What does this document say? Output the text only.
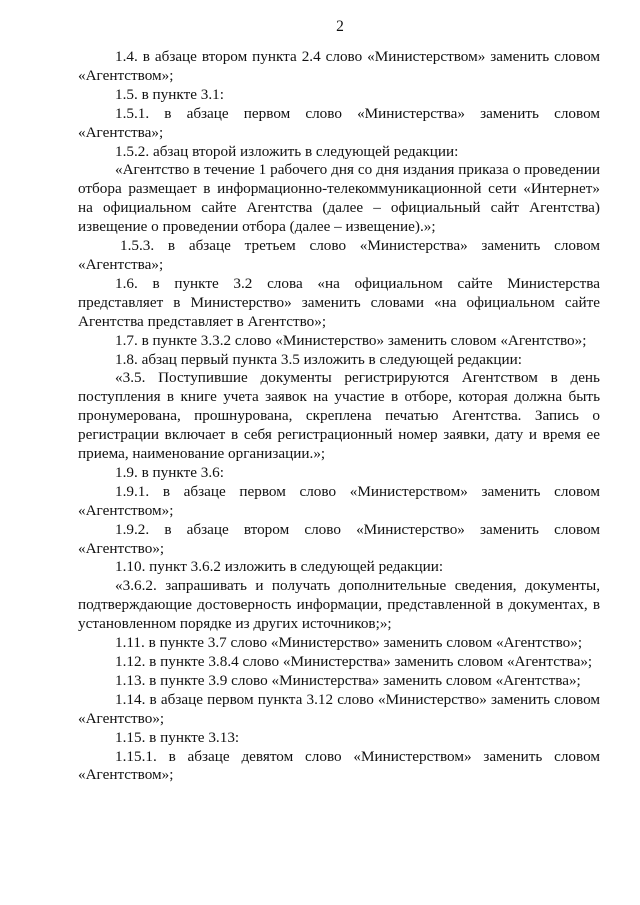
2

1.4. в абзаце втором пункта 2.4 слово «Министерством» заменить словом «Агентством»;

1.5. в пункте 3.1:

1.5.1. в абзаце первом слово «Министерства» заменить словом «Агентства»;

1.5.2. абзац второй изложить в следующей редакции:

«Агентство в течение 1 рабочего дня со дня издания приказа о проведении отбора размещает в информационно-телекоммуникационной сети «Интернет» на официальном сайте Агентства (далее – официальный сайт Агентства) извещение о проведении отбора (далее – извещение).»;

1.5.3. в абзаце третьем слово «Министерства» заменить словом «Агентства»;

1.6. в пункте 3.2 слова «на официальном сайте Министерства представляет в Министерство» заменить словами «на официальном сайте Агентства представляет в Агентство»;

1.7. в пункте 3.3.2 слово «Министерство» заменить словом «Агентство»;

1.8. абзац первый пункта 3.5 изложить в следующей редакции:

«3.5. Поступившие документы регистрируются Агентством в день поступления в книге учета заявок на участие в отборе, которая должна быть пронумерована, прошнурована, скреплена печатью Агентства. Запись о регистрации включает в себя регистрационный номер заявки, дату и время ее приема, наименование организации.»;

1.9. в пункте 3.6:

1.9.1. в абзаце первом слово «Министерством» заменить словом «Агентством»;

1.9.2. в абзаце втором слово «Министерство» заменить словом «Агентство»;

1.10. пункт 3.6.2 изложить в следующей редакции:

«3.6.2. запрашивать и получать дополнительные сведения, документы, подтверждающие достоверность информации, представленной в документах, в установленном порядке из других источников;»;

1.11. в пункте 3.7 слово «Министерство» заменить словом «Агентство»;

1.12. в пункте 3.8.4 слово «Министерства» заменить словом «Агентства»;

1.13. в пункте 3.9 слово «Министерства» заменить словом «Агентства»;

1.14. в абзаце первом пункта 3.12 слово «Министерство» заменить словом «Агентство»;

1.15. в пункте 3.13:

1.15.1. в абзаце девятом слово «Министерством» заменить словом «Агентством»;
